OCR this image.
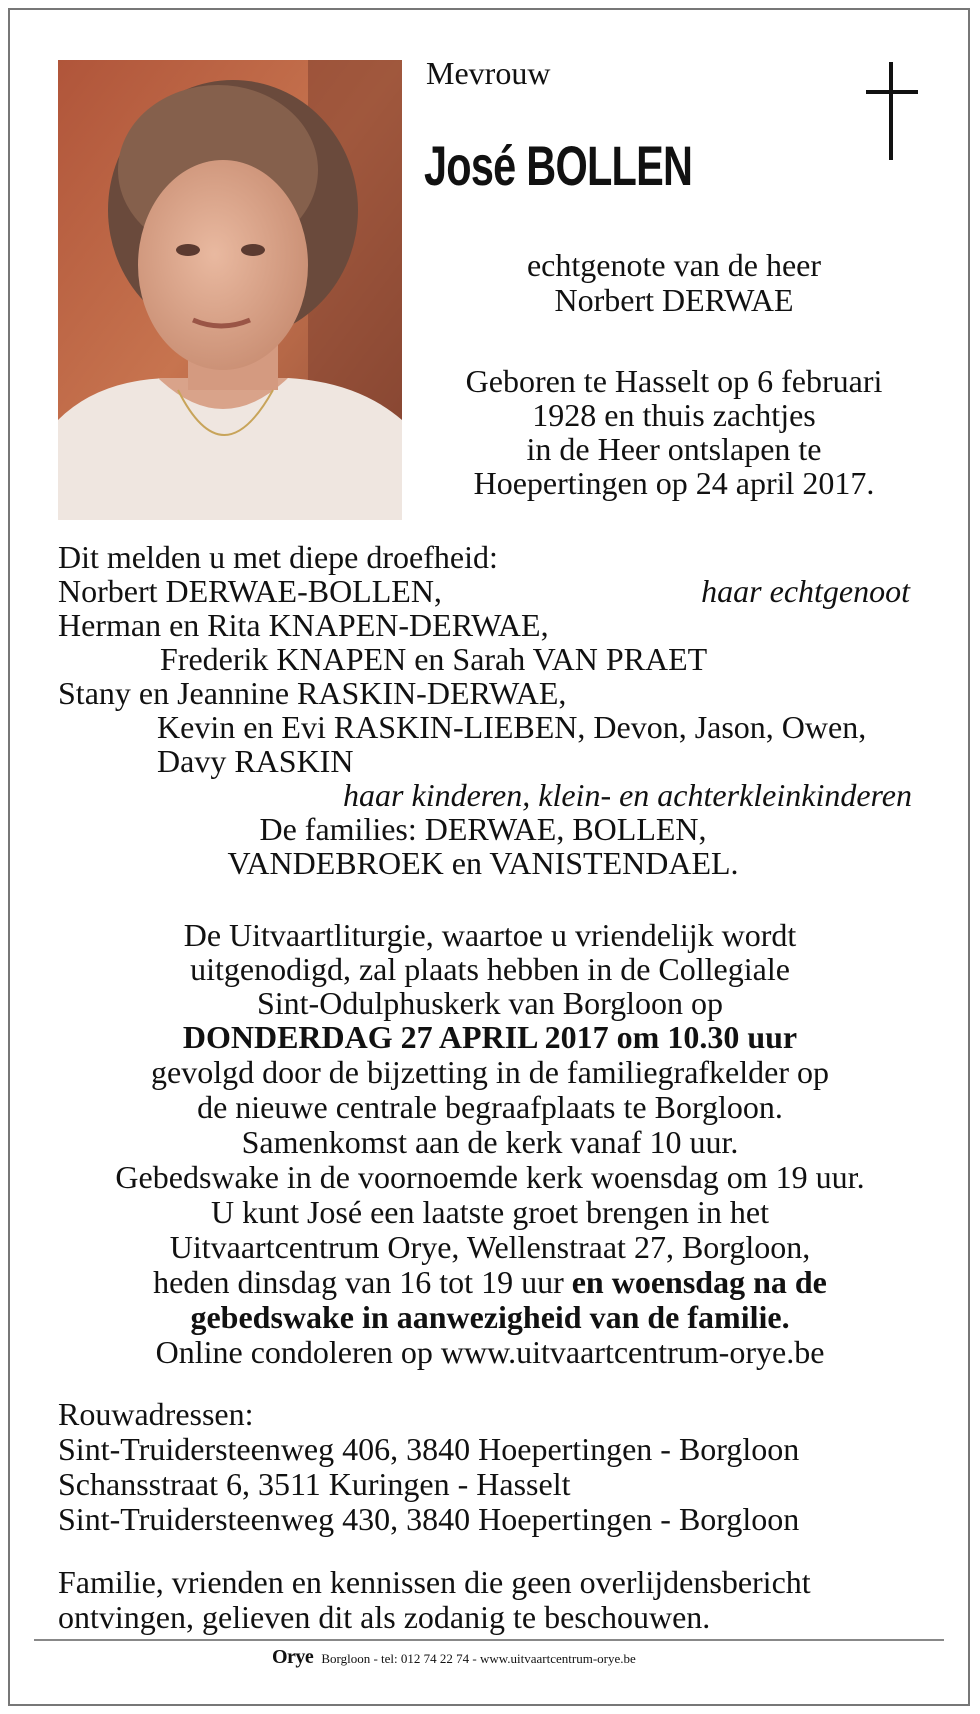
Mevrouw
José BOLLEN
echtgenote van de heer
Norbert DERWAE
Geboren te Hasselt op 6 februari
1928 en thuis zachtjes
in de Heer ontslapen te
Hoepertingen op 24 april 2017.
Dit melden u met diepe droefheid:
Norbert DERWAE-BOLLEN,	haar echtgenoot
Herman en Rita KNAPEN-DERWAE,
Frederik KNAPEN en Sarah VAN PRAET
Stany en Jeannine RASKIN-DERWAE,
Kevin en Evi RASKIN-LIEBEN, Devon, Jason, Owen,
Davy RASKIN
haar kinderen, klein- en achterkleinkinderen
De families: DERWAE, BOLLEN,
VANDEBROEK en VANISTENDAEL.
De Uitvaartliturgie, waartoe u vriendelijk wordt
uitgenodigd, zal plaats hebben in de Collegiale
Sint-Odulphuskerk van Borgloon op
DONDERDAG 27 APRIL 2017 om 10.30 uur
gevolgd door de bijzetting in de familiegrafkelder op
de nieuwe centrale begraafplaats te Borgloon.
Samenkomst aan de kerk vanaf 10 uur.
Gebedswake in de voornoemde kerk woensdag om 19 uur.
U kunt José een laatste groet brengen in het
Uitvaartcentrum Orye, Wellenstraat 27, Borgloon,
heden dinsdag van 16 tot 19 uur en woensdag na de
gebedswake in aanwezigheid van de familie.
Online condoleren op www.uitvaartcentrum-orye.be
Rouwadressen:
Sint-Truidersteenweg 406, 3840 Hoepertingen - Borgloon
Schansstraat 6, 3511 Kuringen - Hasselt
Sint-Truidersteenweg 430, 3840 Hoepertingen - Borgloon
Familie, vrienden en kennissen die geen overlijdensbericht
ontvingen, gelieven dit als zodanig te beschouwen.
Orye Borgloon - tel: 012 74 22 74 - www.uitvaartcentrum-orye.be
